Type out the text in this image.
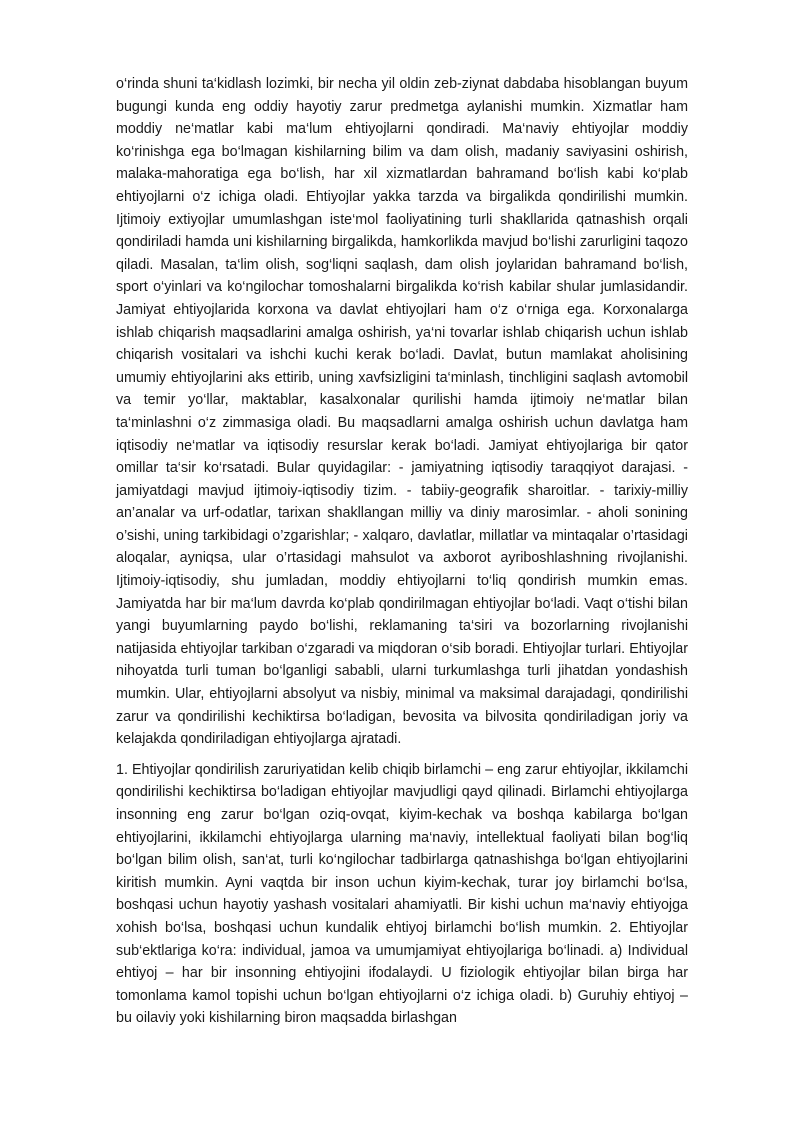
o‘rinda shuni ta‘kidlash lozimki, bir necha yil oldin zeb-ziynat dabdaba hisoblangan buyum bugungi kunda eng oddiy hayotiy zarur predmetga aylanishi mumkin. Xizmatlar ham moddiy ne‘matlar kabi ma‘lum ehtiyojlarni qondiradi. Ma‘naviy ehtiyojlar moddiy ko‘rinishga ega bo‘lmagan kishilarning bilim va dam olish, madaniy saviyasini oshirish, malaka-mahoratiga ega bo‘lish, har xil xizmatlardan bahramand bo‘lish kabi ko‘plab ehtiyojlarni o‘z ichiga oladi. Ehtiyojlar yakka tarzda va birgalikda qondirilishi mumkin. Ijtimoiy extiyojlar umumlashgan iste‘mol faoliyatining turli shakllarida qatnashish orqali qondiriladi hamda uni kishilarning birgalikda, hamkorlikda mavjud bo‘lishi zarurligini taqozo qiladi. Masalan, ta‘lim olish, sog‘liqni saqlash, dam olish joylaridan bahramand bo‘lish, sport o‘yinlari va ko‘ngilochar tomoshalarni birgalikda ko‘rish kabilar shular jumlasidandir. Jamiyat ehtiyojlarida korxona va davlat ehtiyojlari ham o‘z o‘rniga ega. Korxonalarga ishlab chiqarish maqsadlarini amalga oshirish, ya‘ni tovarlar ishlab chiqarish uchun ishlab chiqarish vositalari va ishchi kuchi kerak bo‘ladi. Davlat, butun mamlakat aholisining umumiy ehtiyojlarini aks ettirib, uning xavfsizligini ta‘minlash, tinchligini saqlash avtomobil va temir yo‘llar, maktablar, kasalxonalar qurilishi hamda ijtimoiy ne‘matlar bilan ta‘minlashni o‘z zimmasiga oladi. Bu maqsadlarni amalga oshirish uchun davlatga ham iqtisodiy ne‘matlar va iqtisodiy resurslar kerak bo‘ladi. Jamiyat ehtiyojlariga bir qator omillar ta‘sir ko‘rsatadi. Bular quyidagilar: - jamiyatning iqtisodiy taraqqiyot darajasi. - jamiyatdagi mavjud ijtimoiy-iqtisodiy tizim. - tabiiy-geografik sharoitlar. - tarixiy-milliy an’analar va urf-odatlar, tarixan shakllangan milliy va diniy marosimlar. - aholi sonining o’sishi, uning tarkibidagi o’zgarishlar; - xalqaro, davlatlar, millatlar va mintaqalar o’rtasidagi aloqalar, ayniqsa, ular o’rtasidagi mahsulot va axborot ayriboshlashning rivojlanishi. Ijtimoiy-iqtisodiy, shu jumladan, moddiy ehtiyojlarni to‘liq qondirish mumkin emas. Jamiyatda har bir ma‘lum davrda ko‘plab qondirilmagan ehtiyojlar bo‘ladi. Vaqt o‘tishi bilan yangi buyumlarning paydo bo‘lishi, reklamaning ta‘siri va bozorlarning rivojlanishi natijasida ehtiyojlar tarkiban o‘zgaradi va miqdoran o‘sib boradi. Ehtiyojlar turlari. Ehtiyojlar nihoyatda turli tuman bo‘lganligi sababli, ularni turkumlashga turli jihatdan yondashish mumkin. Ular, ehtiyojlarni absolyut va nisbiy, minimal va maksimal darajadagi, qondirilishi zarur va qondirilishi kechiktirsa bo‘ladigan, bevosita va bilvosita qondiriladigan joriy va kelajakda qondiriladigan ehtiyojlarga ajratadi.

1. Ehtiyojlar qondirilish zaruriyatidan kelib chiqib birlamchi – eng zarur ehtiyojlar, ikkilamchi qondirilishi kechiktirsa bo‘ladigan ehtiyojlar mavjudligi qayd qilinadi. Birlamchi ehtiyojlarga insonning eng zarur bo‘lgan oziq-ovqat, kiyim-kechak va boshqa kabilarga bo‘lgan ehtiyojlarini, ikkilamchi ehtiyojlarga ularning ma‘naviy, intellektual faoliyati bilan bog‘liq bo‘lgan bilim olish, san‘at, turli ko‘ngilochar tadbirlarga qatnashishga bo‘lgan ehtiyojlarini kiritish mumkin. Ayni vaqtda bir inson uchun kiyim-kechak, turar joy birlamchi bo‘lsa, boshqasi uchun hayotiy yashash vositalari ahamiyatli. Bir kishi uchun ma‘naviy ehtiyojga xohish bo‘lsa, boshqasi uchun kundalik ehtiyoj birlamchi bo‘lish mumkin. 2. Ehtiyojlar sub‘ektlariga ko‘ra: individual, jamoa va umumjamiyat ehtiyojlariga bo‘linadi. a) Individual ehtiyoj – har bir insonning ehtiyojini ifodalaydi. U fiziologik ehtiyojlar bilan birga har tomonlama kamol topishi uchun bo‘lgan ehtiyojlarni o‘z ichiga oladi. b) Guruhiy ehtiyoj – bu oilaviy yoki kishilarning biron maqsadda birlashgan
